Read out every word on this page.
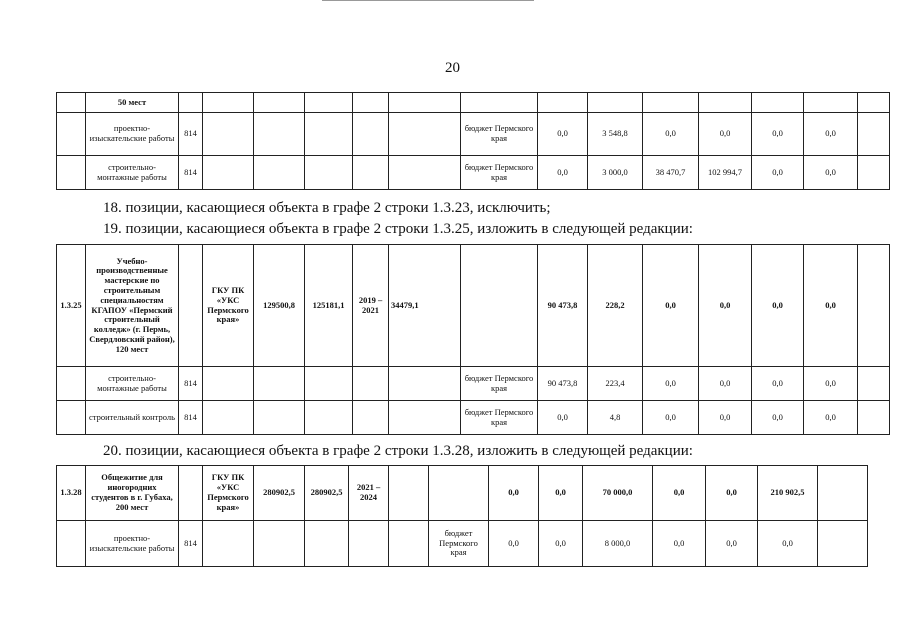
20
	50 мест														
	проектно-изыскательские работы	814						бюджет Пермского края	0,0	3 548,8	0,0	0,0	0,0	0,0	
	строительно-монтажные работы	814						бюджет Пермского края	0,0	3 000,0	38 470,7	102 994,7	0,0	0,0	
18. позиции, касающиеся объекта в графе 2 строки 1.3.23, исключить;
19. позиции, касающиеся объекта в графе 2 строки 1.3.25, изложить в следующей редакции:
1.3.25	Учебно-производственные мастерские по строительным специальностям КГАПОУ «Пермский строительный колледж» (г. Пермь, Свердловский район), 120 мест		ГКУ ПК «УКС Пермского края»	129500,8	125181,1	2019 – 2021	34479,1		90 473,8	228,2	0,0	0,0	0,0	0,0	
	строительно-монтажные работы	814						бюджет Пермского края	90 473,8	223,4	0,0	0,0	0,0	0,0	
	строительный контроль	814						бюджет Пермского края	0,0	4,8	0,0	0,0	0,0	0,0	
20. позиции, касающиеся объекта в графе 2 строки 1.3.28, изложить в следующей редакции:
1.3.28	Общежитие для иногородних студентов в г. Губаха, 200 мест		ГКУ ПК «УКС Пермского края»	280902,5	280902,5	2021 – 2024			0,0	0,0	70 000,0	0,0	0,0	210 902,5	
	проектно-изыскательские работы	814						бюджет Пермского края	0,0	0,0	8 000,0	0,0	0,0	0,0	
